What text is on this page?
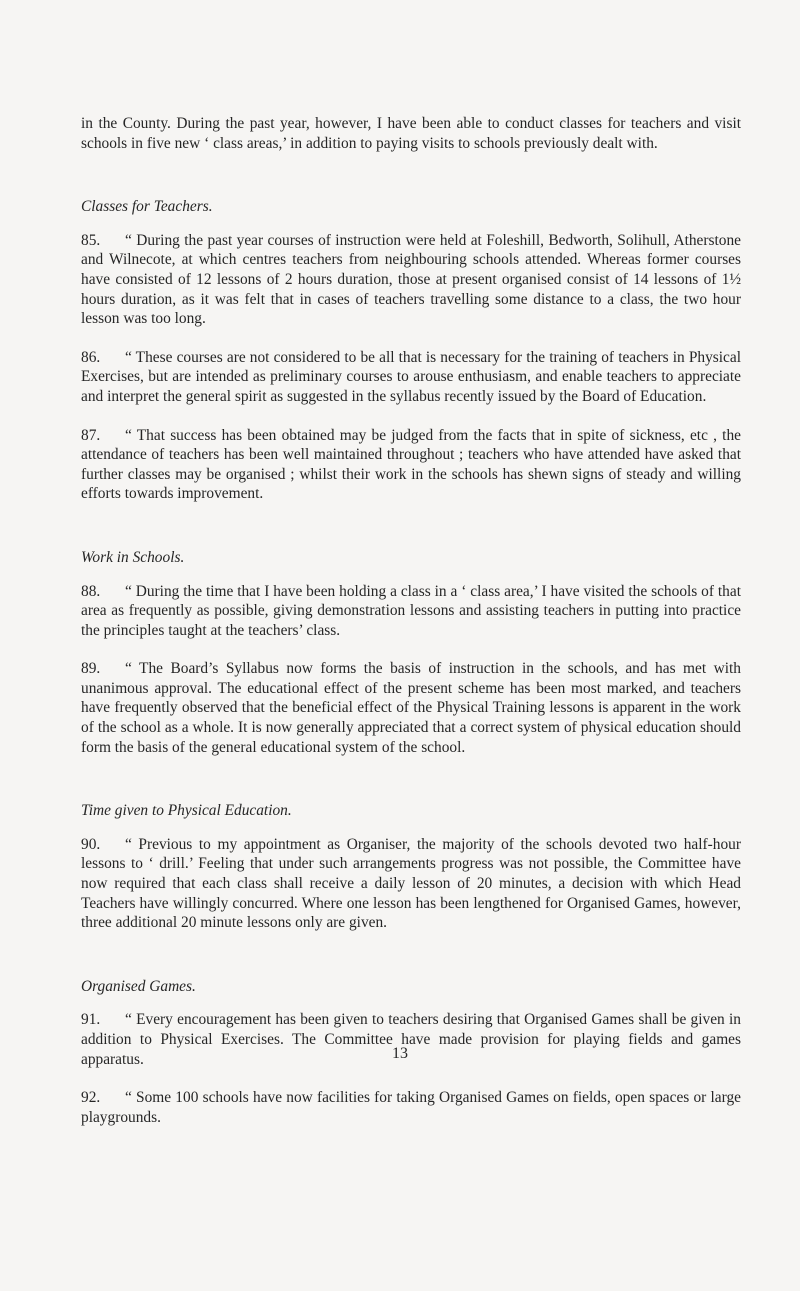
in the County. During the past year, however, I have been able to conduct classes for teachers and visit schools in five new ‘ class areas,’ in addition to paying visits to schools previously dealt with.

Classes for Teachers.

85. “ During the past year courses of instruction were held at Foleshill, Bedworth, Solihull, Atherstone and Wilnecote, at which centres teachers from neighbouring schools attended. Whereas former courses have consisted of 12 lessons of 2 hours duration, those at present organised consist of 14 lessons of 1½ hours duration, as it was felt that in cases of teachers travelling some distance to a class, the two hour lesson was too long.

86. “ These courses are not considered to be all that is necessary for the training of teachers in Physical Exercises, but are intended as preliminary courses to arouse enthusiasm, and enable teachers to appreciate and interpret the general spirit as suggested in the syllabus recently issued by the Board of Education.

87. “ That success has been obtained may be judged from the facts that in spite of sickness, etc , the attendance of teachers has been well maintained throughout ; teachers who have attended have asked that further classes may be organised ; whilst their work in the schools has shewn signs of steady and willing efforts towards improvement.

Work in Schools.

88. “ During the time that I have been holding a class in a ‘ class area,’ I have visited the schools of that area as frequently as possible, giving demonstration lessons and assisting teachers in putting into practice the principles taught at the teachers’ class.

89. “ The Board’s Syllabus now forms the basis of instruction in the schools, and has met with unanimous approval. The educational effect of the present scheme has been most marked, and teachers have frequently observed that the beneficial effect of the Physical Training lessons is apparent in the work of the school as a whole. It is now generally appreciated that a correct system of physical education should form the basis of the general educational system of the school.

Time given to Physical Education.

90. “ Previous to my appointment as Organiser, the majority of the schools devoted two half-hour lessons to ‘ drill.’ Feeling that under such arrangements progress was not possible, the Committee have now required that each class shall receive a daily lesson of 20 minutes, a decision with which Head Teachers have willingly concurred. Where one lesson has been lengthened for Organised Games, however, three additional 20 minute lessons only are given.

Organised Games.

91. “ Every encouragement has been given to teachers desiring that Organised Games shall be given in addition to Physical Exercises. The Committee have made provision for playing fields and games apparatus.

92. “ Some 100 schools have now facilities for taking Organised Games on fields, open spaces or large playgrounds.

13
